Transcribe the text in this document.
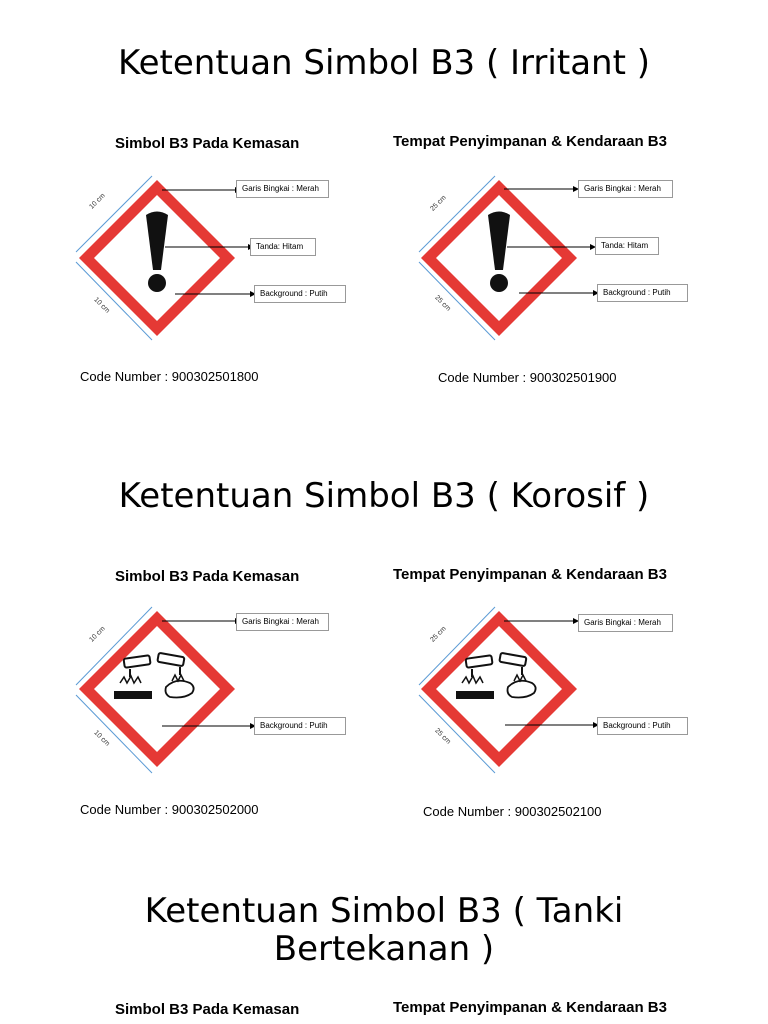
Ketentuan Simbol B3 ( Irritant )
Simbol B3 Pada Kemasan	Tempat Penyimpanan & Kendaraan B3
10 cm
10 cm
Garis Bingkai : Merah
Tanda: Hitam
Background : Putih
Code Number : 900302501800
25 cm
25 cm
Garis Bingkai : Merah
Tanda: Hitam
Background : Putih
Code Number : 900302501900
Ketentuan Simbol B3 ( Korosif )
Simbol B3 Pada Kemasan	Tempat Penyimpanan & Kendaraan B3
10 cm
10 cm
Garis Bingkai : Merah
Background : Putih
Code Number : 900302502000
25 cm
25 cm
Garis Bingkai : Merah
Background : Putih
Code Number : 900302502100
Ketentuan Simbol B3 ( Tanki
Bertekanan )
Simbol B3 Pada Kemasan	Tempat Penyimpanan & Kendaraan B3
